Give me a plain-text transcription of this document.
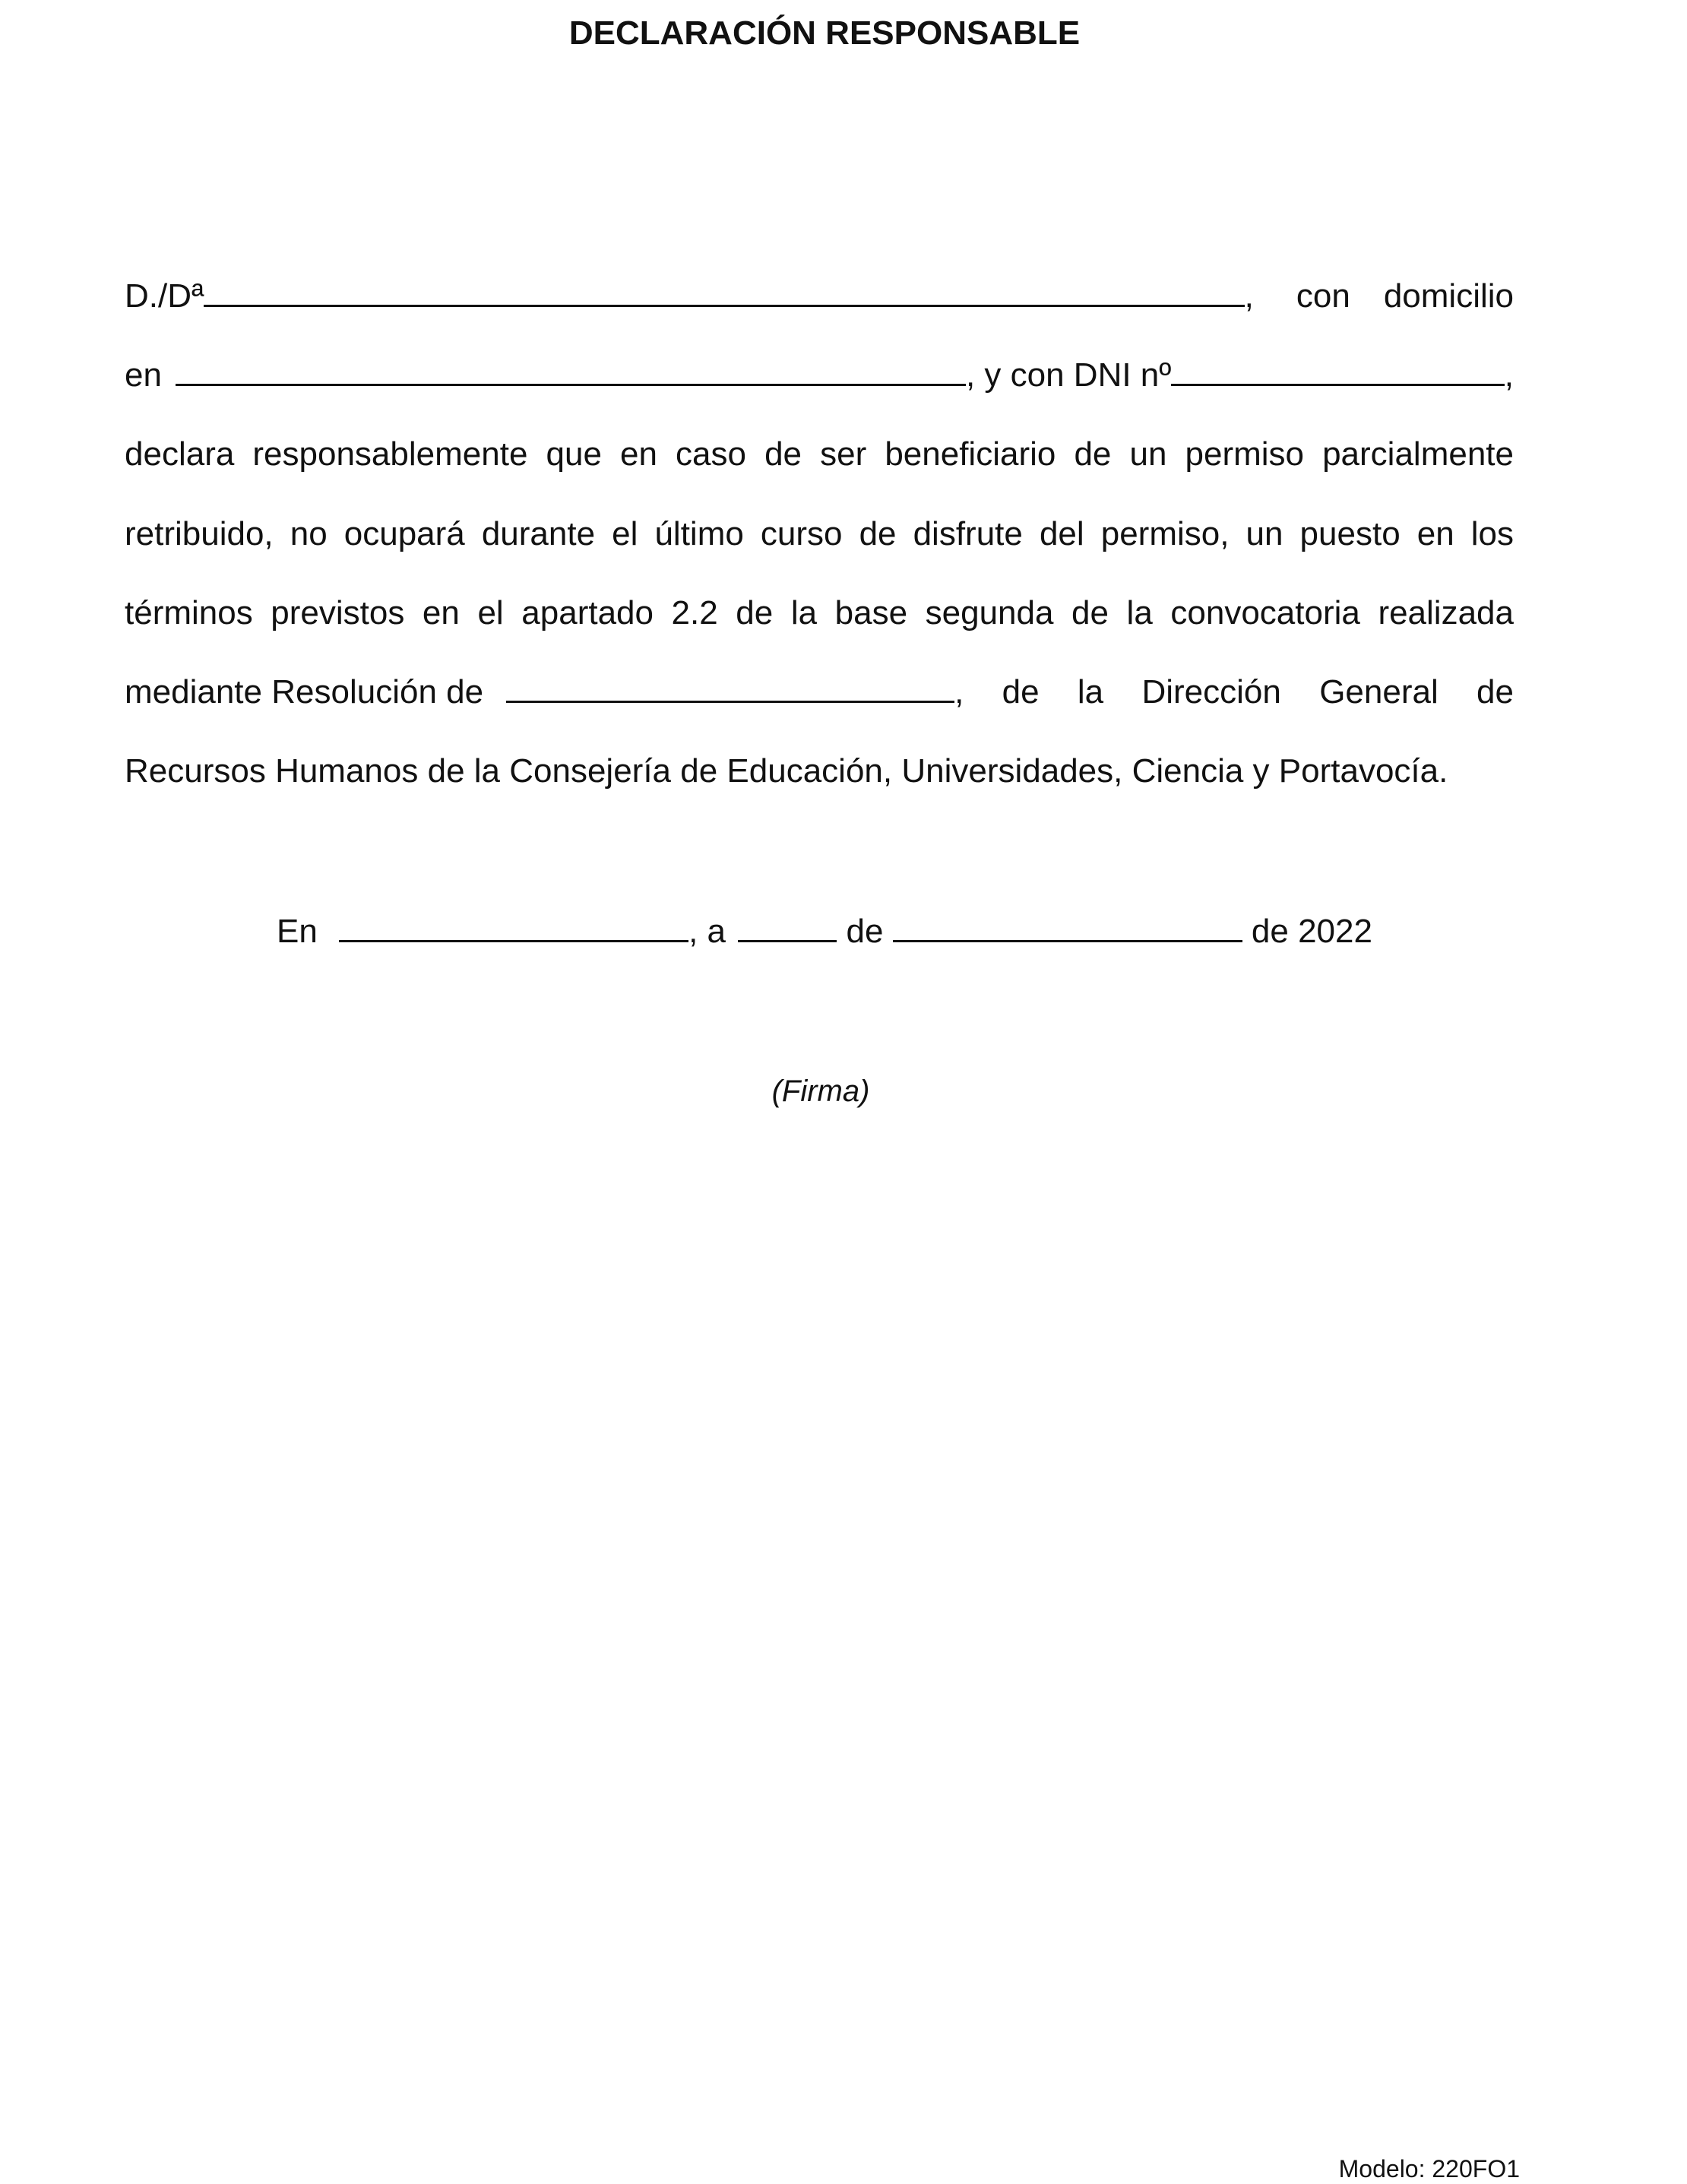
DECLARACIÓN RESPONSABLE
D./Dª	, con domicilio
en	, y con DNI nº	,
declara responsablemente que en caso de ser beneficiario de un permiso parcialmente
retribuido, no ocupará durante el último curso de disfrute del permiso, un puesto en los
términos previstos en el apartado 2.2 de la base segunda de la convocatoria realizada
mediante Resolución de	, de la Dirección General de
Recursos Humanos de la Consejería de Educación, Universidades, Ciencia y Portavocía.
En	, a	de	de 2022
(Firma)
Modelo: 220FO1
